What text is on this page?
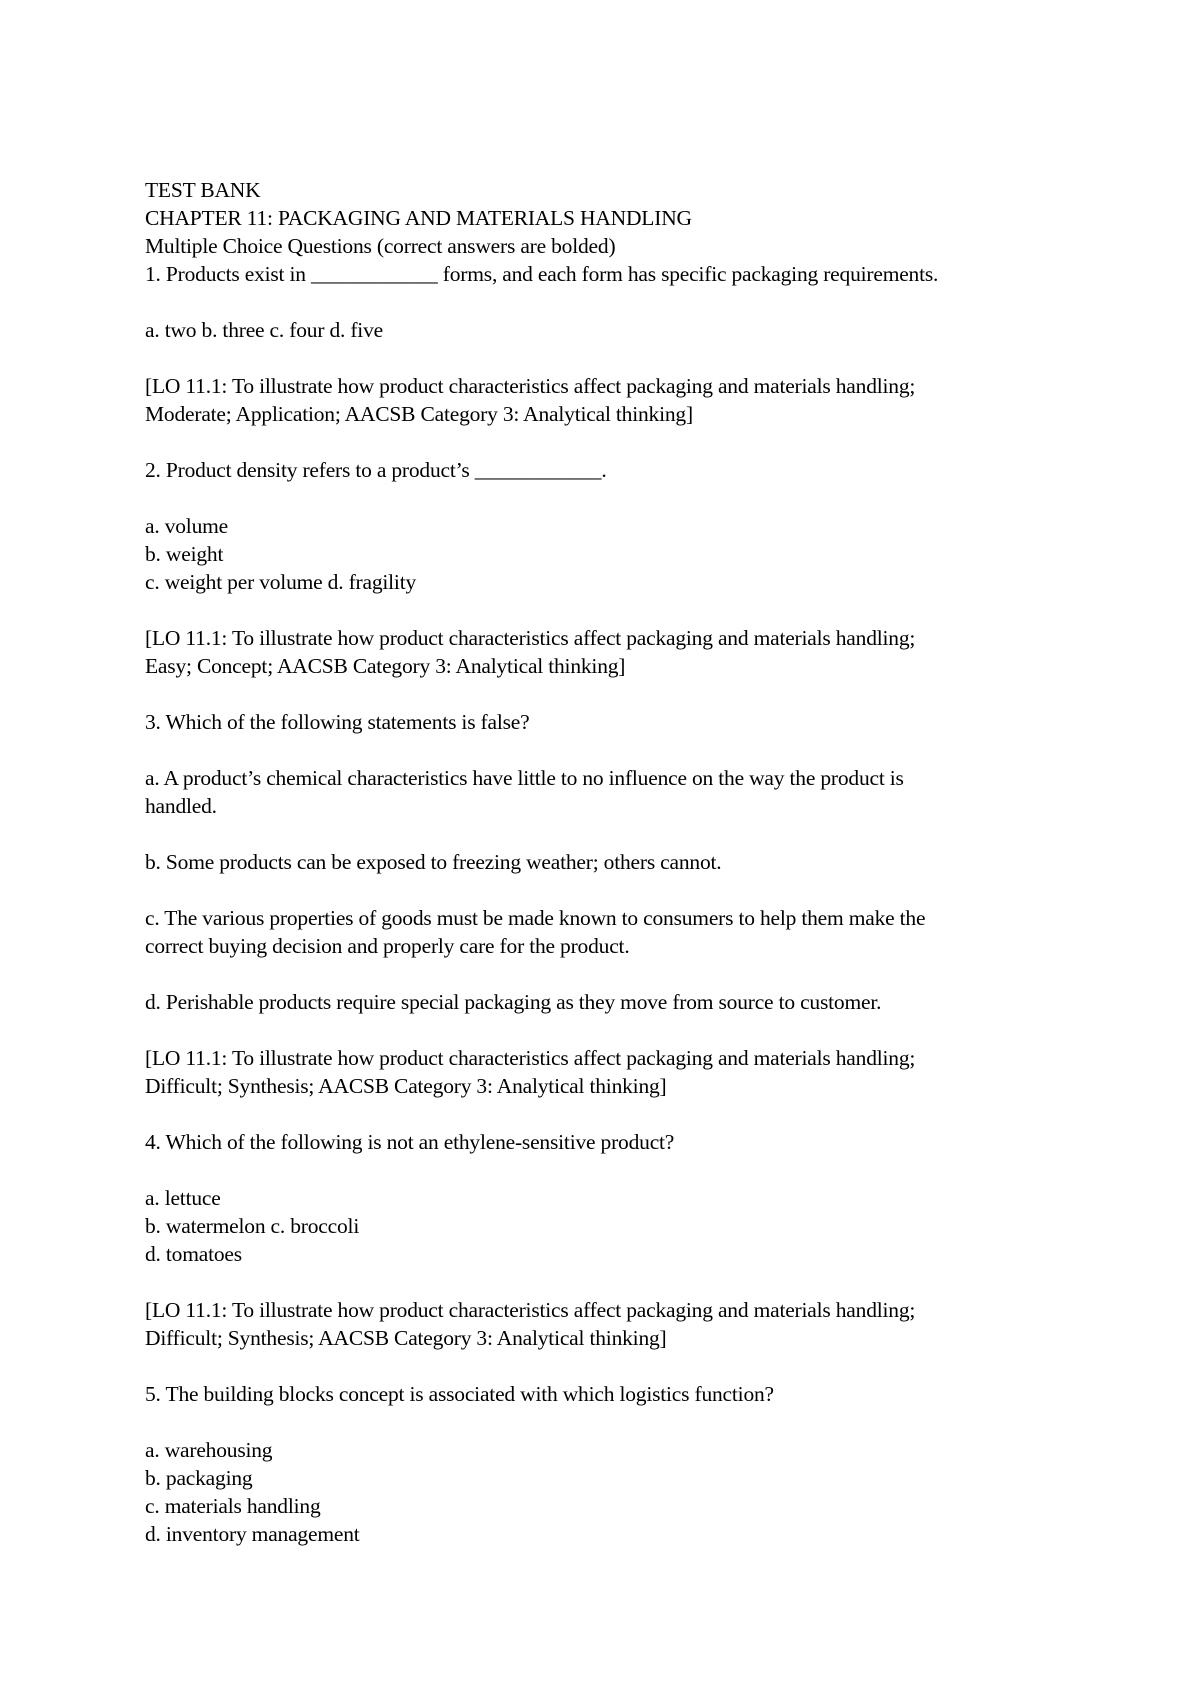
TEST BANK
CHAPTER 11: PACKAGING AND MATERIALS HANDLING
Multiple Choice Questions (correct answers are bolded)
1. Products exist in ____________ forms, and each form has specific packaging requirements.
a. two b. three c. four d. five
[LO 11.1: To illustrate how product characteristics affect packaging and materials handling;
Moderate; Application; AACSB Category 3: Analytical thinking]
2. Product density refers to a product’s ____________.
a. volume
b. weight
c. weight per volume d. fragility
[LO 11.1: To illustrate how product characteristics affect packaging and materials handling;
Easy; Concept; AACSB Category 3: Analytical thinking]
3. Which of the following statements is false?
a. A product’s chemical characteristics have little to no influence on the way the product is
handled.
b. Some products can be exposed to freezing weather; others cannot.
c. The various properties of goods must be made known to consumers to help them make the
correct buying decision and properly care for the product.
d. Perishable products require special packaging as they move from source to customer.
[LO 11.1: To illustrate how product characteristics affect packaging and materials handling;
Difficult; Synthesis; AACSB Category 3: Analytical thinking]
4. Which of the following is not an ethylene-sensitive product?
a. lettuce
b. watermelon c. broccoli
d. tomatoes
[LO 11.1: To illustrate how product characteristics affect packaging and materials handling;
Difficult; Synthesis; AACSB Category 3: Analytical thinking]
5. The building blocks concept is associated with which logistics function?
a. warehousing
b. packaging
c. materials handling
d. inventory management
